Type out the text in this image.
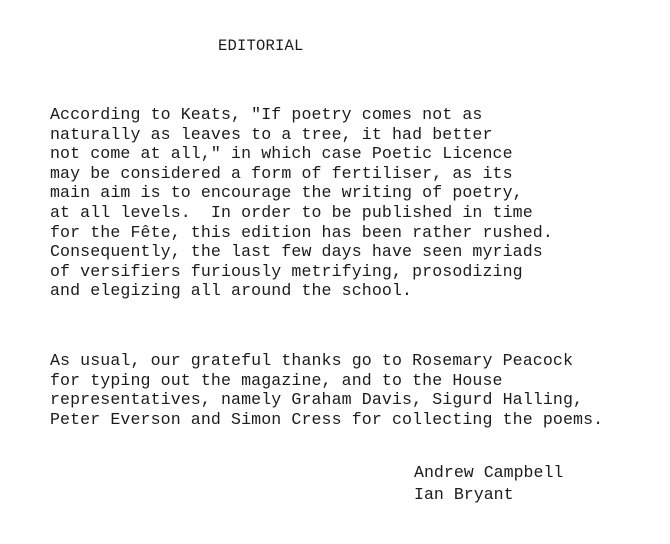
EDITORIAL

According to Keats, "If poetry comes not as
naturally as leaves to a tree, it had better
not come at all," in which case Poetic Licence
may be considered a form of fertiliser, as its
main aim is to encourage the writing of poetry,
at all levels.  In order to be published in time
for the Fête, this edition has been rather rushed.
Consequently, the last few days have seen myriads
of versifiers furiously metrifying, prosodizing
and elegizing all around the school.

As usual, our grateful thanks go to Rosemary Peacock
for typing out the magazine, and to the House
representatives, namely Graham Davis, Sigurd Halling,
Peter Everson and Simon Cress for collecting the poems.

Andrew Campbell
Ian Bryant
